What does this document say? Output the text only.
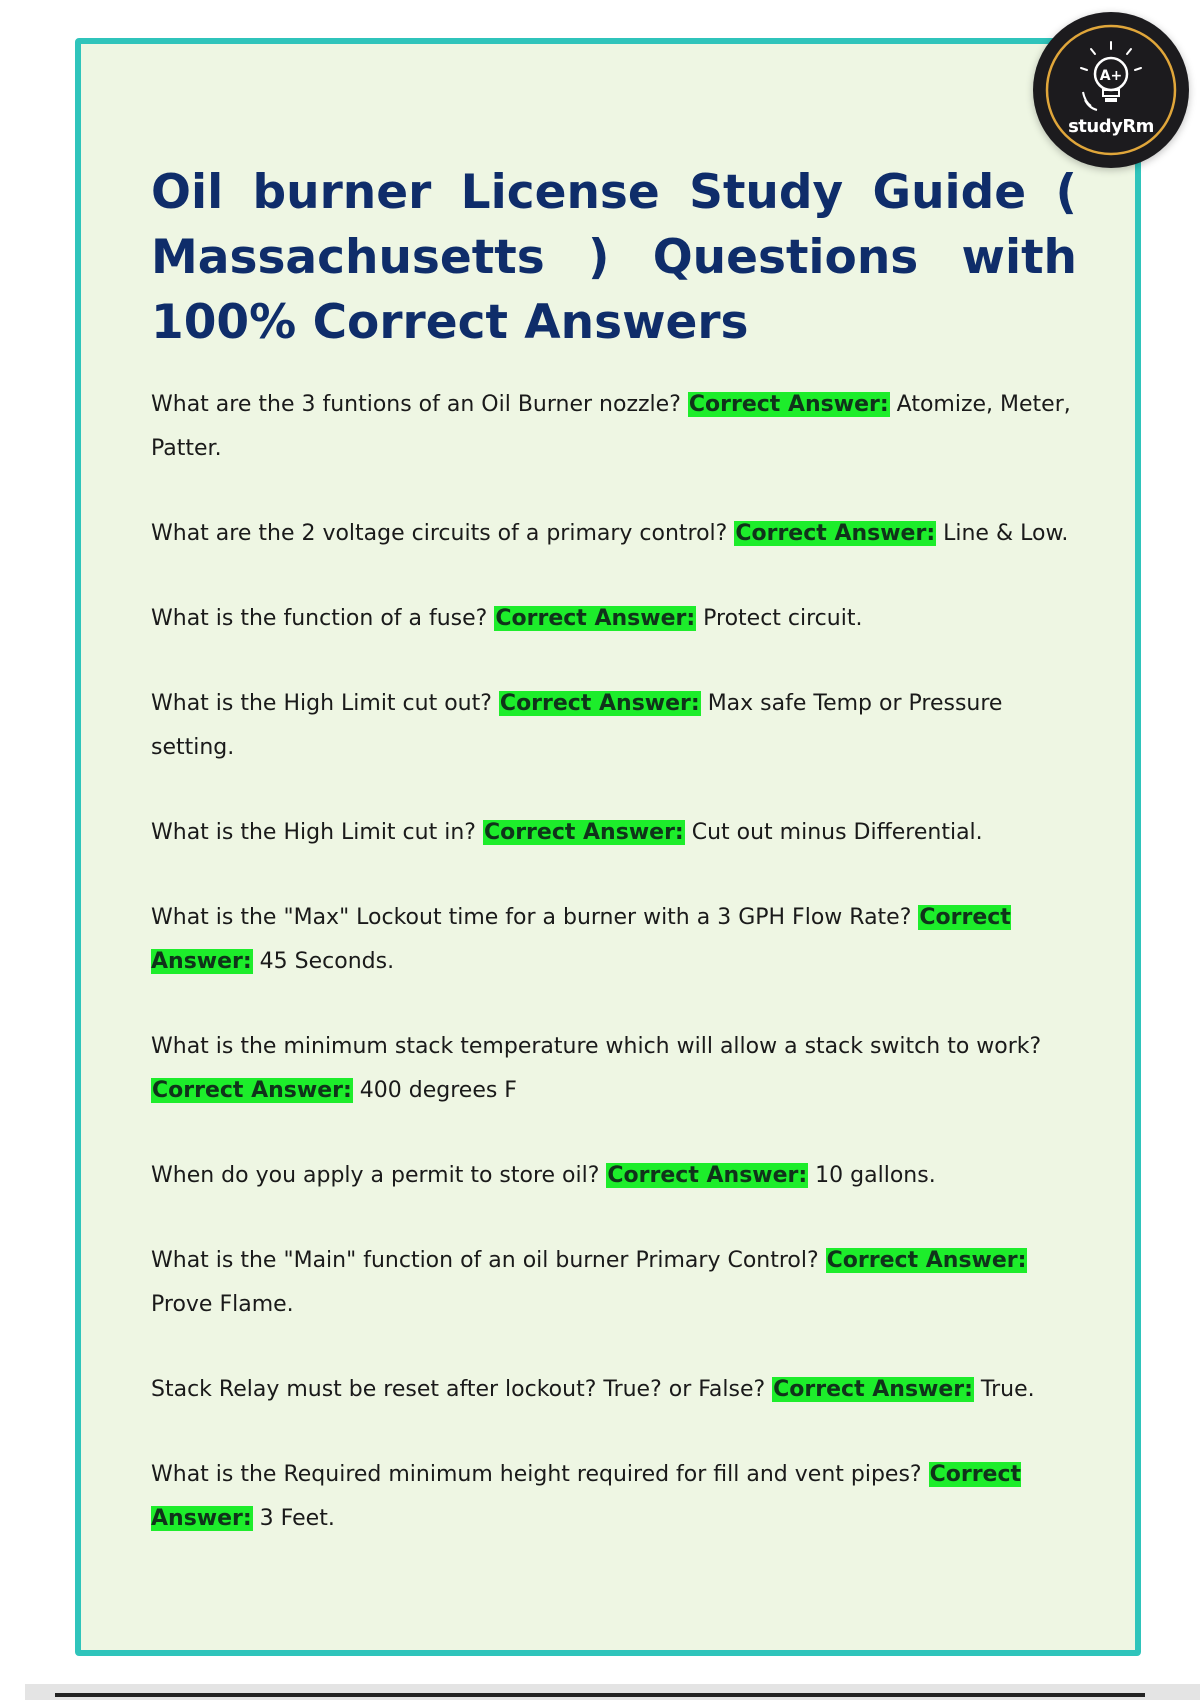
Oil burner License Study Guide ( Massachusetts ) Questions with 100% Correct Answers

What are the 3 funtions of an Oil Burner nozzle? Correct Answer: Atomize, Meter, Patter.

What are the 2 voltage circuits of a primary control? Correct Answer: Line & Low.

What is the function of a fuse? Correct Answer: Protect circuit.

What is the High Limit cut out? Correct Answer: Max safe Temp or Pressure setting.

What is the High Limit cut in? Correct Answer: Cut out minus Differential.

What is the "Max" Lockout time for a burner with a 3 GPH Flow Rate? Correct Answer: 45 Seconds.

What is the minimum stack temperature which will allow a stack switch to work? Correct Answer: 400 degrees F

When do you apply a permit to store oil? Correct Answer: 10 gallons.

What is the "Main" function of an oil burner Primary Control? Correct Answer: Prove Flame.

Stack Relay must be reset after lockout? True? or False? Correct Answer: True.

What is the Required minimum height required for fill and vent pipes? Correct Answer: 3 Feet.

A+
studyRm
